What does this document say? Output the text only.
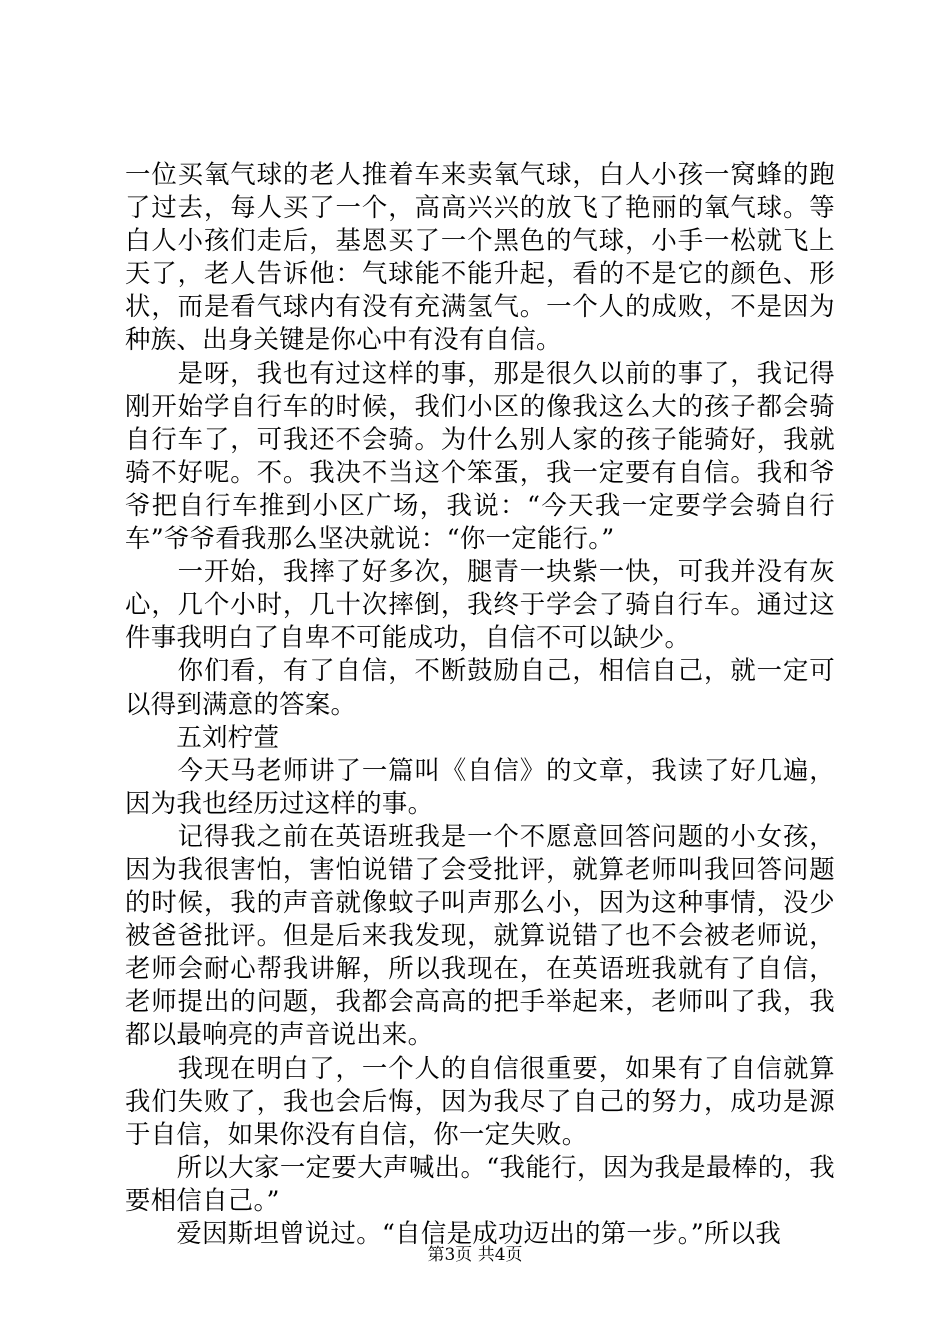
一位买氧气球的老人推着车来卖氧气球，白人小孩一窝蜂的跑了过去，每人买了一个，高高兴兴的放飞了艳丽的氧气球。等白人小孩们走后，基恩买了一个黑色的气球，小手一松就飞上天了，老人告诉他：气球能不能升起，看的不是它的颜色、形状，而是看气球内有没有充满氢气。一个人的成败，不是因为种族、出身关键是你心中有没有自信。

　　是呀，我也有过这样的事，那是很久以前的事了，我记得刚开始学自行车的时候，我们小区的像我这么大的孩子都会骑自行车了，可我还不会骑。为什么别人家的孩子能骑好，我就骑不好呢。不。我决不当这个笨蛋，我一定要有自信。我和爷爷把自行车推到小区广场，我说：“今天我一定要学会骑自行车”爷爷看我那么坚决就说：“你一定能行。”

　　一开始，我摔了好多次，腿青一块紫一快，可我并没有灰心，几个小时，几十次摔倒，我终于学会了骑自行车。通过这件事我明白了自卑不可能成功，自信不可以缺少。

　　你们看，有了自信，不断鼓励自己，相信自己，就一定可以得到满意的答案。

　　五刘柠萱

　　今天马老师讲了一篇叫《自信》的文章，我读了好几遍，因为我也经历过这样的事。

　　记得我之前在英语班我是一个不愿意回答问题的小女孩，因为我很害怕，害怕说错了会受批评，就算老师叫我回答问题的时候，我的声音就像蚊子叫声那么小，因为这种事情，没少被爸爸批评。但是后来我发现，就算说错了也不会被老师说，老师会耐心帮我讲解，所以我现在，在英语班我就有了自信，老师提出的问题，我都会高高的把手举起来，老师叫了我，我都以最响亮的声音说出来。

　　我现在明白了，一个人的自信很重要，如果有了自信就算我们失败了，我也会后悔，因为我尽了自己的努力，成功是源于自信，如果你没有自信，你一定失败。

　　所以大家一定要大声喊出。“我能行，因为我是最棒的，我要相信自己。”

　　爱因斯坦曾说过。“自信是成功迈出的第一步。”所以我

第3页 共4页
